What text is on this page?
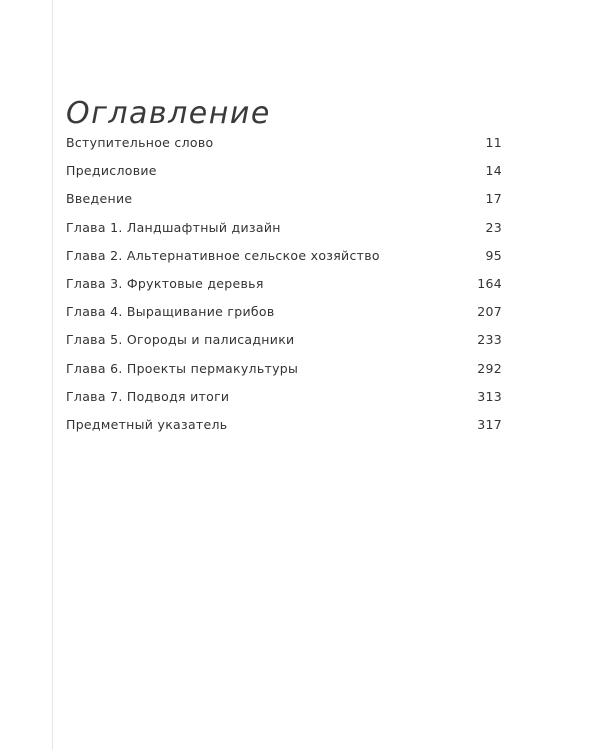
Оглавление
Вступительное слово	11
Предисловие	14
Введение	17
Глава 1. Ландшафтный дизайн	23
Глава 2. Альтернативное сельское хозяйство	95
Глава 3. Фруктовые деревья	164
Глава 4. Выращивание грибов	207
Глава 5. Огороды и палисадники	233
Глава 6. Проекты пермакультуры	292
Глава 7. Подводя итоги	313
Предметный указатель	317
